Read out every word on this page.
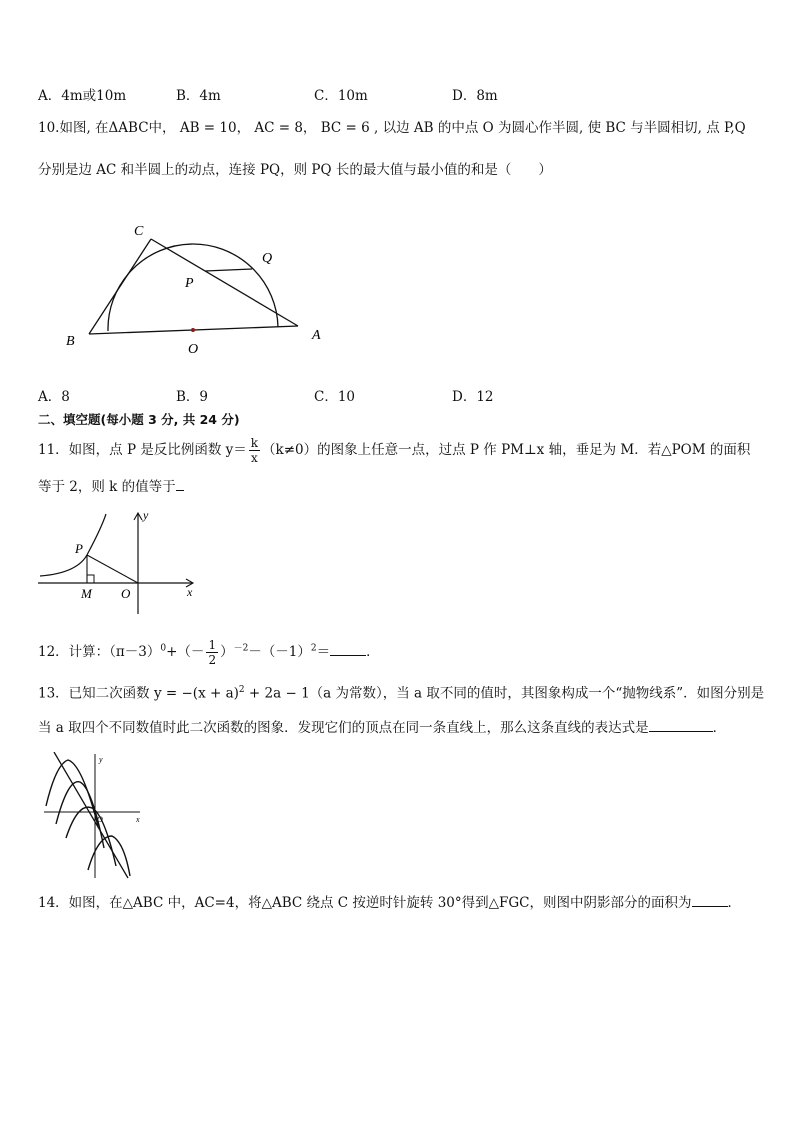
A．4m或10m	B．4m	C．10m	D．8m
10.如图, 在ΔABC中， AB = 10， AC = 8， BC = 6 , 以边 AB 的中点 O 为圆心作半圆, 使 BC 与半圆相切, 点 P,Q
分别是边 AC 和半圆上的动点，连接 PQ，则 PQ 长的最大值与最小值的和是（　　）
C
Q
P
B
O
A
A．8	B．9	C．10	D．12
二、填空题(每小题 3 分, 共 24 分)
11．如图，点 P 是反比例函数 $y= \frac{k}{x} (k\ne 0)$的图象上任意一点，过点 P 作 PM⊥x 轴，垂足为 M．若△POM 的面积
等于 2，则 k 的值等于
y
P
M O	x
12．计算：$(\pi-3)^0+(- \frac{1}{2} )^{-2}-(-1)^2=$	．
13．已知二次函数 $y = -(x + a)^2 + 2a - 1(a$ 为常数），当 a 取不同的值时，其图象构成一个“抛物线系”．如图分别是
当 a 取四个不同数值时此二次函数的图象．发现它们的顶点在同一条直线上，那么这条直线的表达式是	．
y
x
O
14．如图，在△ABC 中，AC=4，将△ABC 绕点 C 按逆时针旋转 30°得到△FGC，则图中阴影部分的面积为	．
